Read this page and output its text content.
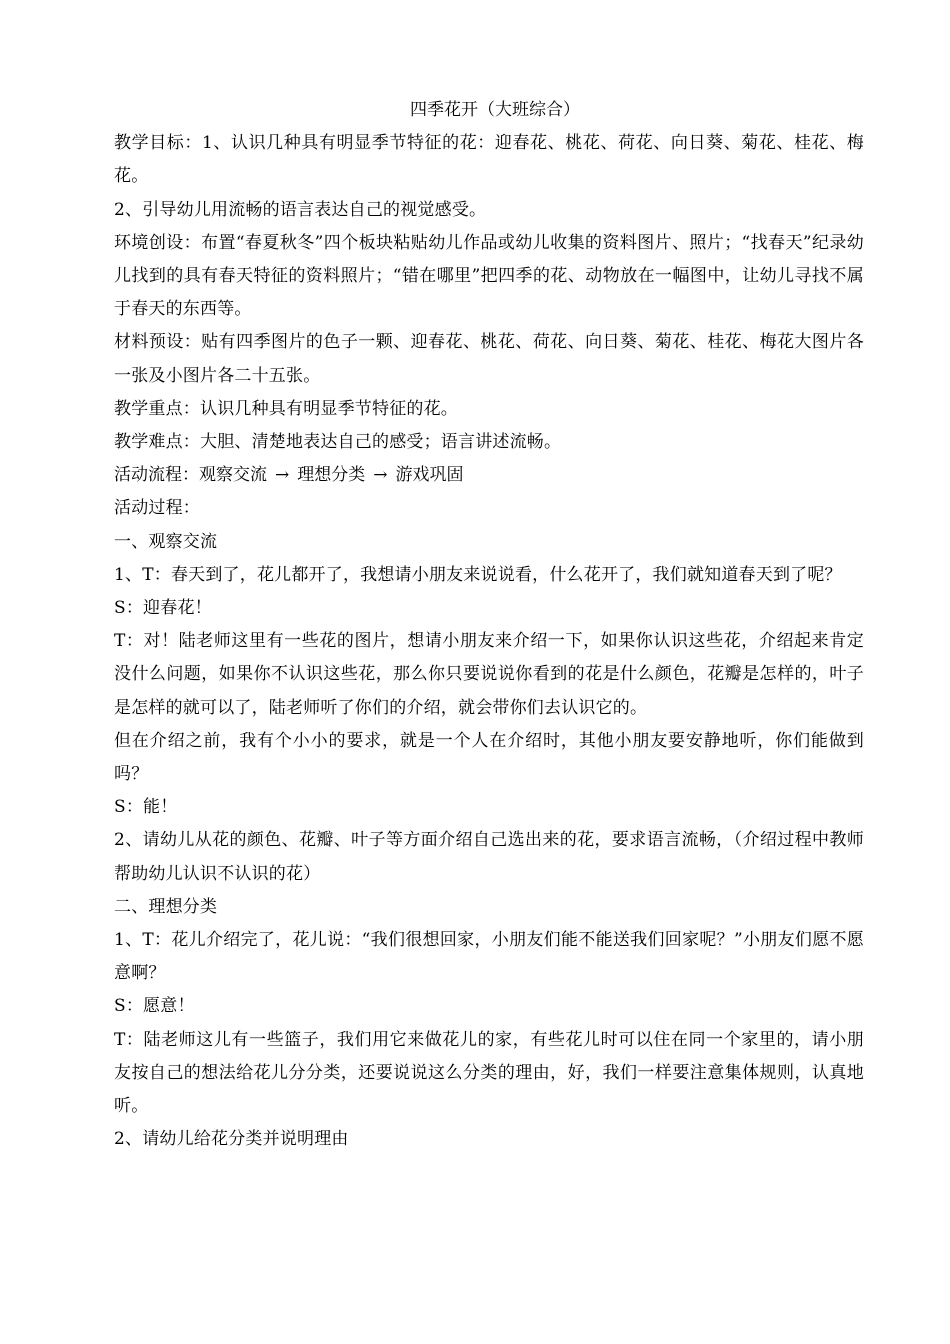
四季花开（大班综合）

教学目标：1、认识几种具有明显季节特征的花：迎春花、桃花、荷花、向日葵、菊花、桂花、梅花。

2、引导幼儿用流畅的语言表达自己的视觉感受。

环境创设：布置“春夏秋冬”四个板块粘贴幼儿作品或幼儿收集的资料图片、照片；“找春天”纪录幼儿找到的具有春天特征的资料照片；“错在哪里”把四季的花、动物放在一幅图中，让幼儿寻找不属于春天的东西等。

材料预设：贴有四季图片的色子一颗、迎春花、桃花、荷花、向日葵、菊花、桂花、梅花大图片各一张及小图片各二十五张。

教学重点：认识几种具有明显季节特征的花。

教学难点：大胆、清楚地表达自己的感受；语言讲述流畅。

活动流程：观察交流 → 理想分类 → 游戏巩固

活动过程：

一、观察交流

1、T：春天到了，花儿都开了，我想请小朋友来说说看，什么花开了，我们就知道春天到了呢？

S：迎春花！

T：对！陆老师这里有一些花的图片，想请小朋友来介绍一下，如果你认识这些花，介绍起来肯定没什么问题，如果你不认识这些花，那么你只要说说你看到的花是什么颜色，花瓣是怎样的，叶子是怎样的就可以了，陆老师听了你们的介绍，就会带你们去认识它的。

但在介绍之前，我有个小小的要求，就是一个人在介绍时，其他小朋友要安静地听，你们能做到吗？

S：能！

2、请幼儿从花的颜色、花瓣、叶子等方面介绍自己选出来的花，要求语言流畅，（介绍过程中教师帮助幼儿认识不认识的花）

二、理想分类

1、T：花儿介绍完了，花儿说：“我们很想回家，小朋友们能不能送我们回家呢？”小朋友们愿不愿意啊？

S：愿意！

T：陆老师这儿有一些篮子，我们用它来做花儿的家，有些花儿时可以住在同一个家里的，请小朋友按自己的想法给花儿分分类，还要说说这么分类的理由，好，我们一样要注意集体规则，认真地听。

2、请幼儿给花分类并说明理由
